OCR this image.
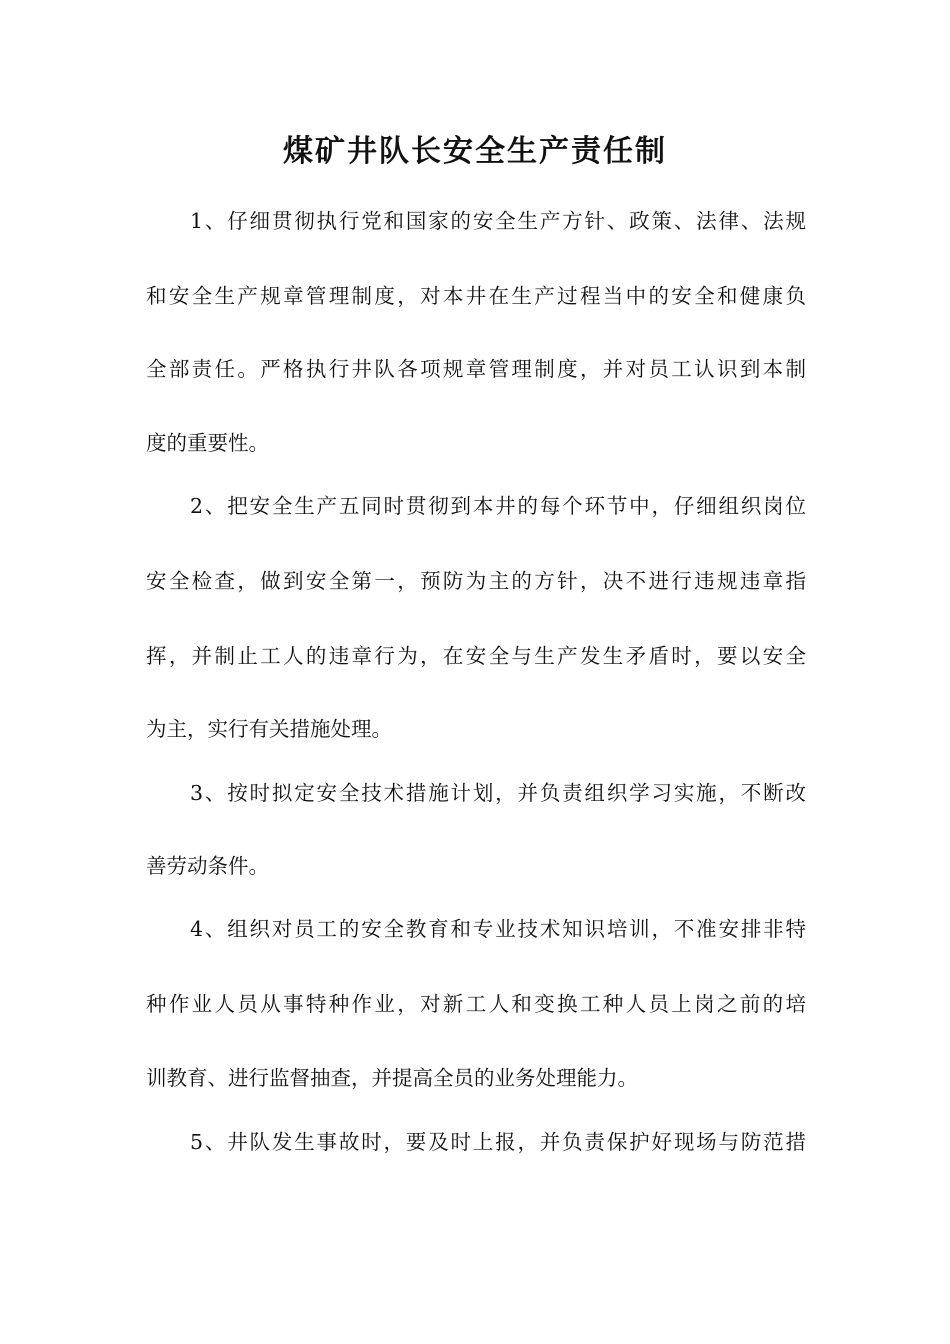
煤矿井队长安全生产责任制
1、仔细贯彻执行党和国家的安全生产方针、政策、法律、法规
和安全生产规章管理制度，对本井在生产过程当中的安全和健康负
全部责任。严格执行井队各项规章管理制度，并对员工认识到本制
度的重要性。
2、把安全生产五同时贯彻到本井的每个环节中，仔细组织岗位
安全检查，做到安全第一，预防为主的方针，决不进行违规违章指
挥，并制止工人的违章行为，在安全与生产发生矛盾时，要以安全
为主，实行有关措施处理。
3、按时拟定安全技术措施计划，并负责组织学习实施，不断改
善劳动条件。
4、组织对员工的安全教育和专业技术知识培训，不准安排非特
种作业人员从事特种作业，对新工人和变换工种人员上岗之前的培
训教育、进行监督抽查，并提高全员的业务处理能力。
5、井队发生事故时，要及时上报，并负责保护好现场与防范措
